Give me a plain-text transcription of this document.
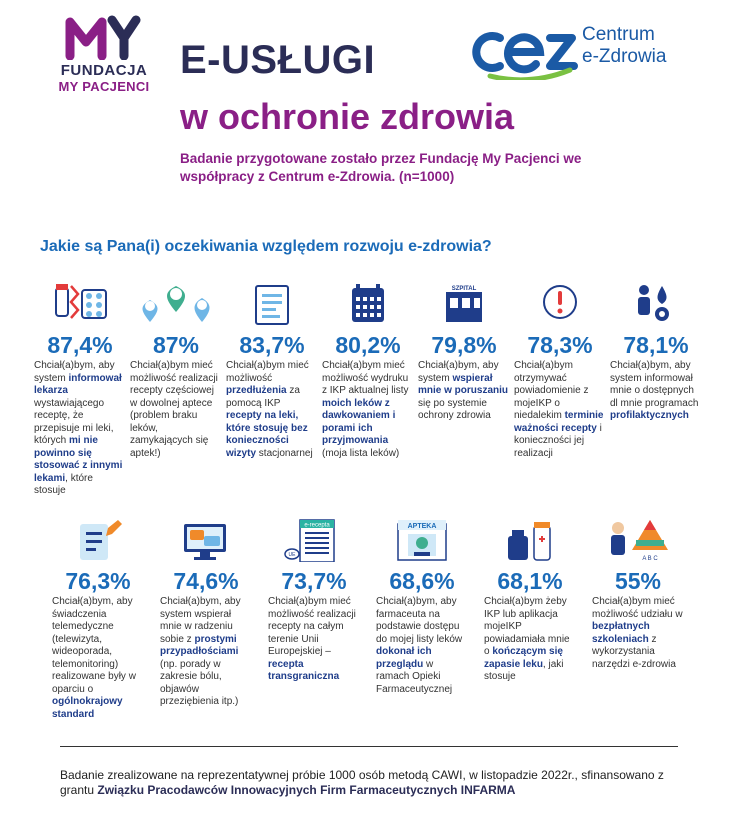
FUNDACJA
MY PACJENCI
E-USŁUGI
w ochronie zdrowia
Badanie przygotowane zostało przez Fundację My Pacjenci we współpracy z Centrum e-Zdrowia. (n=1000)
Centrum
e-Zdrowia
Jakie są Pana(i) oczekiwania względem rozwoju e-zdrowia?
87,4%
Chciał(a)bym, aby system informował lekarza wystawiającego receptę, że przepisuje mi leki, których mi nie powinno się stosować z innymi lekami, które stosuje
87%
Chciał(a)bym mieć możliwość realizacji recepty częściowej w dowolnej aptece (problem braku leków, zamykających się aptek!)
83,7%
Chciał(a)bym mieć możliwość przedłużenia za pomocą IKP recepty na leki, które stosuję bez konieczności wizyty stacjonarnej
80,2%
Chciał(a)bym mieć możliwość wydruku z IKP aktualnej listy moich leków z dawkowaniem i porami ich przyjmowania (moja lista leków)
SZPITAL
79,8%
Chciał(a)bym, aby system wspierał mnie w poruszaniu się po systemie ochrony zdrowia
78,3%
Chciał(a)bym otrzymywać powiadomienie z mojeIKP o niedalekim terminie ważności recepty i konieczności jej realizacji
78,1%
Chciał(a)bym, aby system informował mnie o dostępnych dl mnie programach profilaktycznych
76,3%
Chciał(a)bym, aby świadczenia telemedyczne (telewizyta, wideoporada, telemonitoring) realizowane były w oparciu o ogólnokrajowy standard
74,6%
Chciał(a)bym, aby system wspierał mnie w radzeniu sobie z prostymi przypadłościami (np. porady w zakresie bólu, objawów przeziębienia itp.)
e-recepta
UE
73,7%
Chciał(a)bym mieć możliwość realizacji recepty na całym terenie Unii Europejskiej – recepta transgraniczna
APTEKA
68,6%
Chciał(a)bym, aby farmaceuta na podstawie dostępu do mojej listy leków dokonał ich przeglądu w ramach Opieki Farmaceutycznej
68,1%
Chciał(a)bym żeby IKP lub aplikacja mojeIKP powiadamiała mnie o kończącym się zapasie leku, jaki stosuje
A B C
55%
Chciał(a)bym mieć możliwość udziału w bezpłatnych szkoleniach z wykorzystania narzędzi e-zdrowia
Badanie zrealizowane na reprezentatywnej próbie 1000 osób metodą CAWI, w listopadzie 2022r., sfinansowano z grantu Związku Pracodawców Innowacyjnych Firm Farmaceutycznych INFARMA
